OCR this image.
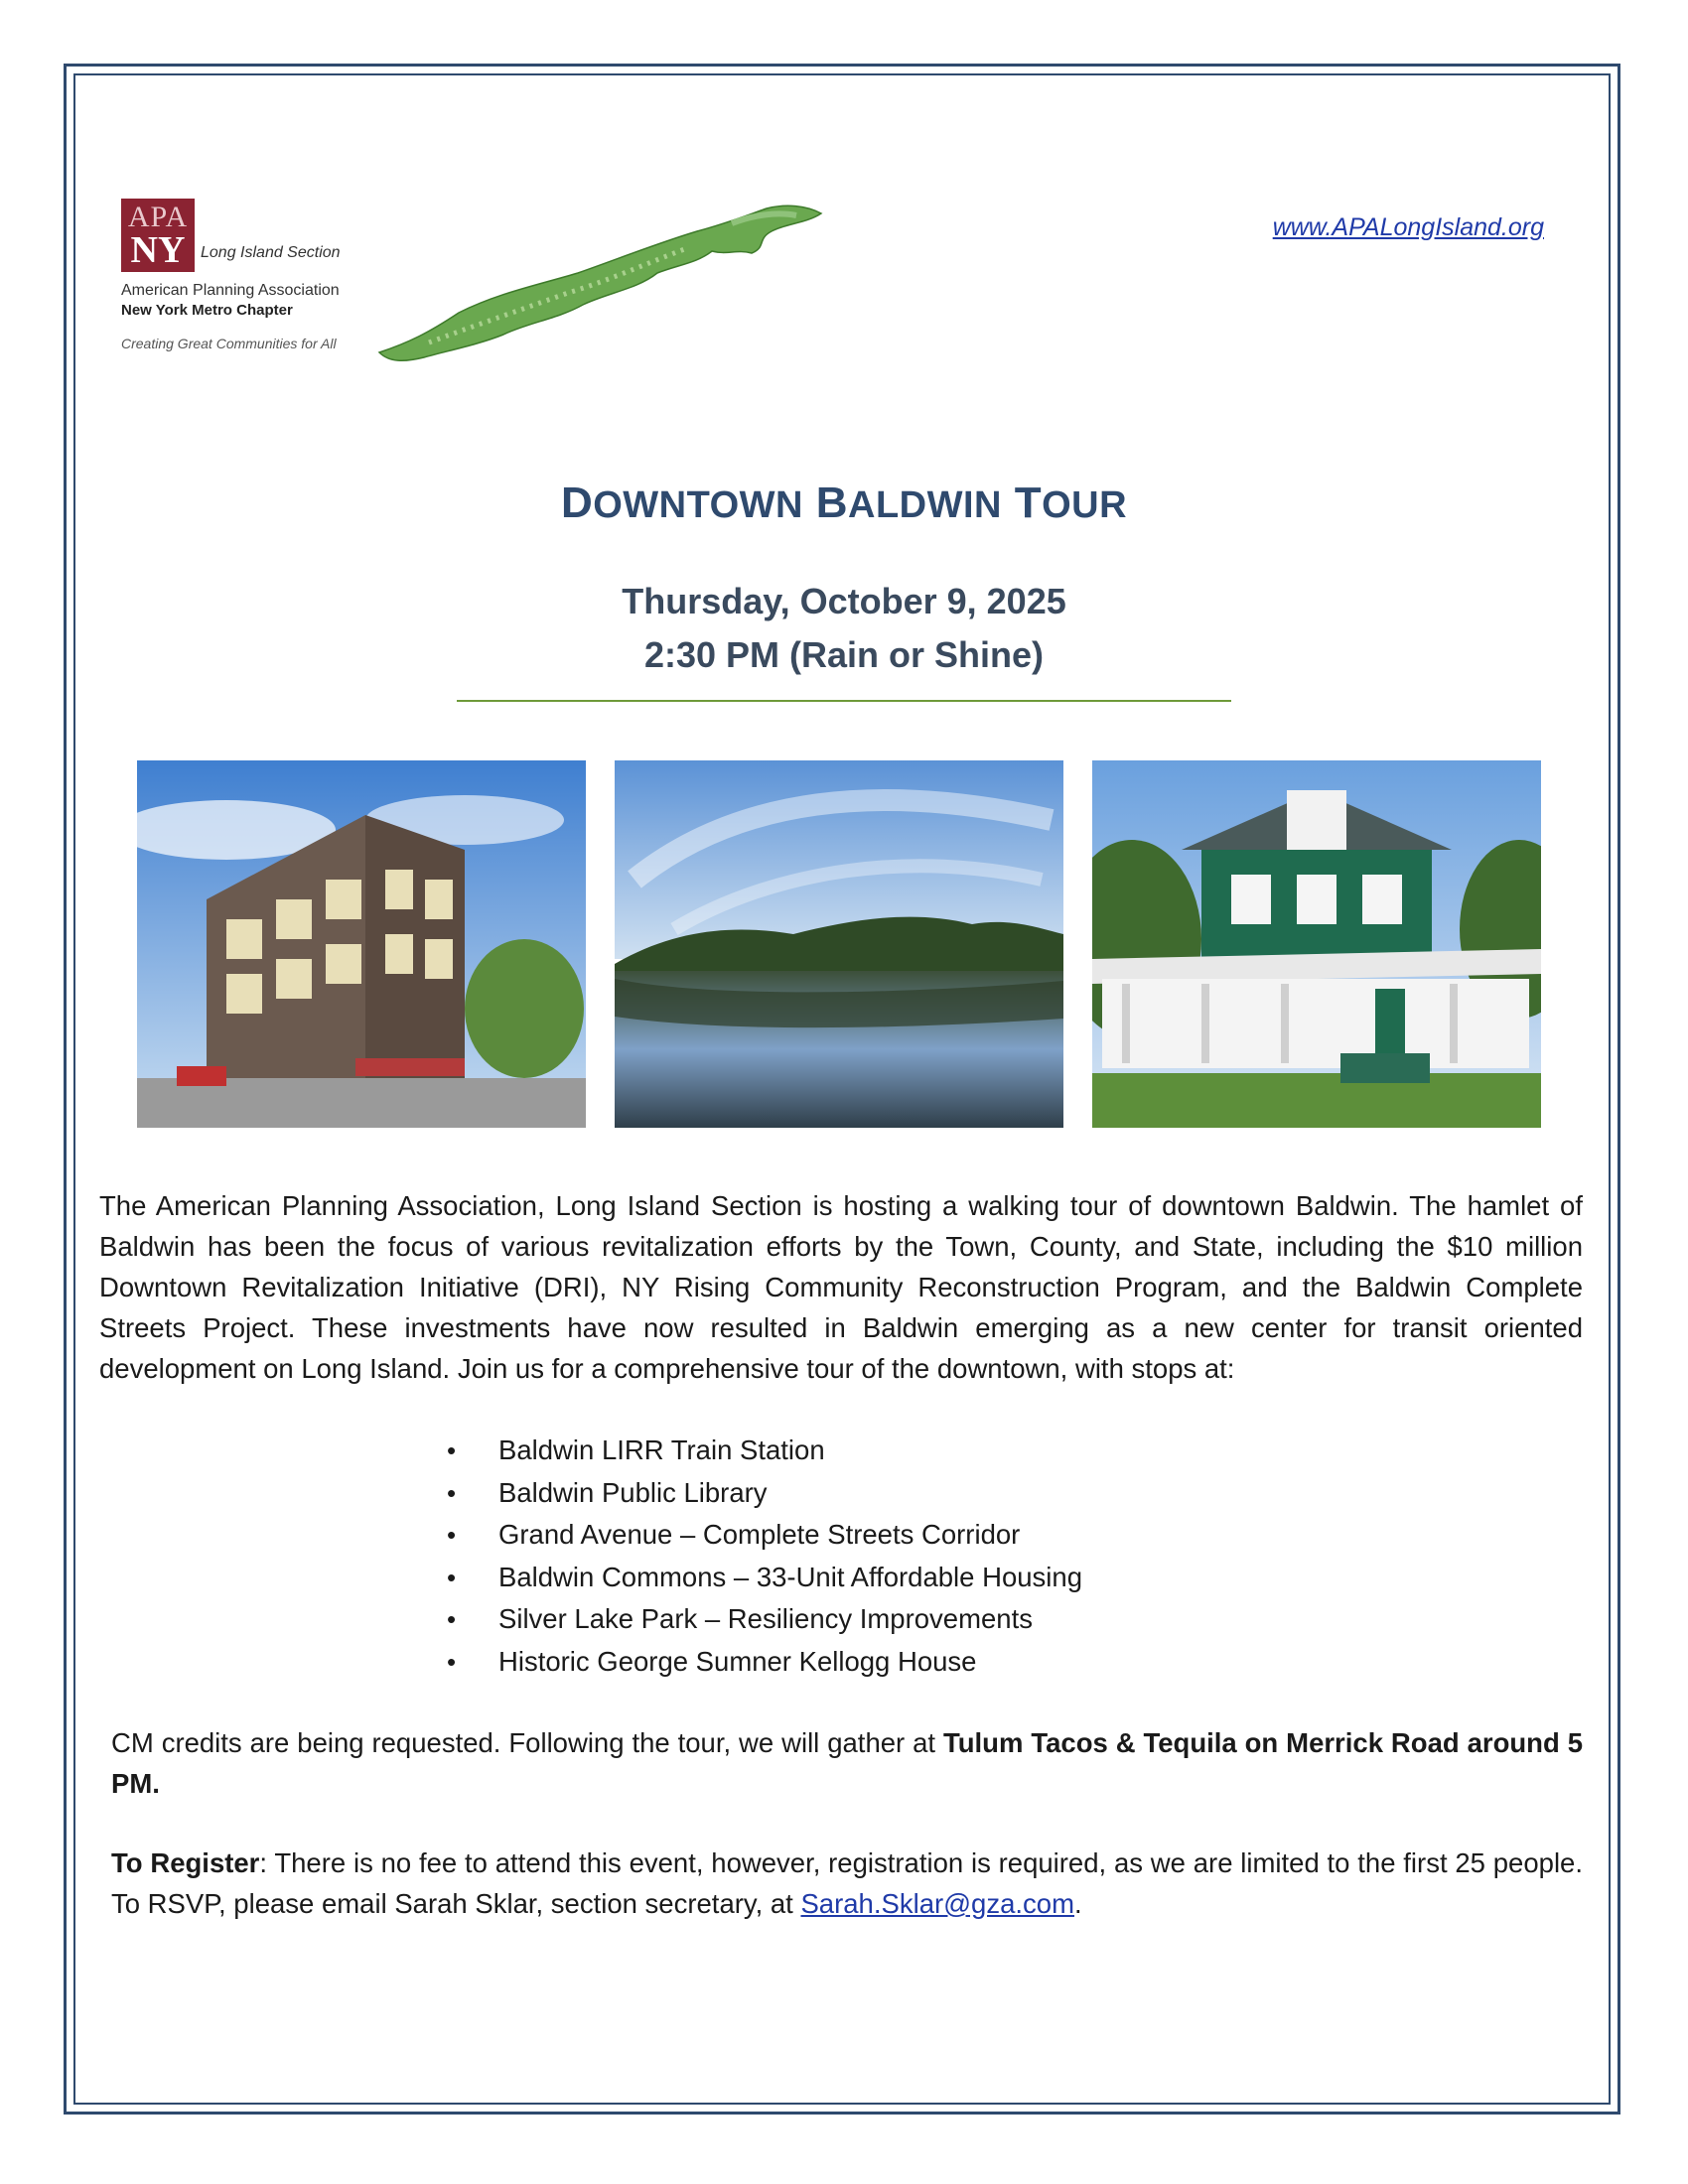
APA
NY Long Island Section
American Planning Association
New York Metro Chapter
Creating Great Communities for All
www.APALongIsland.org
DOWNTOWN BALDWIN TOUR
Thursday, October 9, 2025
2:30 PM (Rain or Shine)
The American Planning Association, Long Island Section is hosting a walking tour of downtown Baldwin. The hamlet of Baldwin has been the focus of various revitalization efforts by the Town, County, and State, including the $10 million Downtown Revitalization Initiative (DRI), NY Rising Community Reconstruction Program, and the Baldwin Complete Streets Project. These investments have now resulted in Baldwin emerging as a new center for transit oriented development on Long Island. Join us for a comprehensive tour of the downtown, with stops at:
• Baldwin LIRR Train Station
• Baldwin Public Library
• Grand Avenue – Complete Streets Corridor
• Baldwin Commons – 33-Unit Affordable Housing
• Silver Lake Park – Resiliency Improvements
• Historic George Sumner Kellogg House
CM credits are being requested. Following the tour, we will gather at Tulum Tacos & Tequila on Merrick Road around 5 PM.
To Register: There is no fee to attend this event, however, registration is required, as we are limited to the first 25 people. To RSVP, please email Sarah Sklar, section secretary, at Sarah.Sklar@gza.com.
